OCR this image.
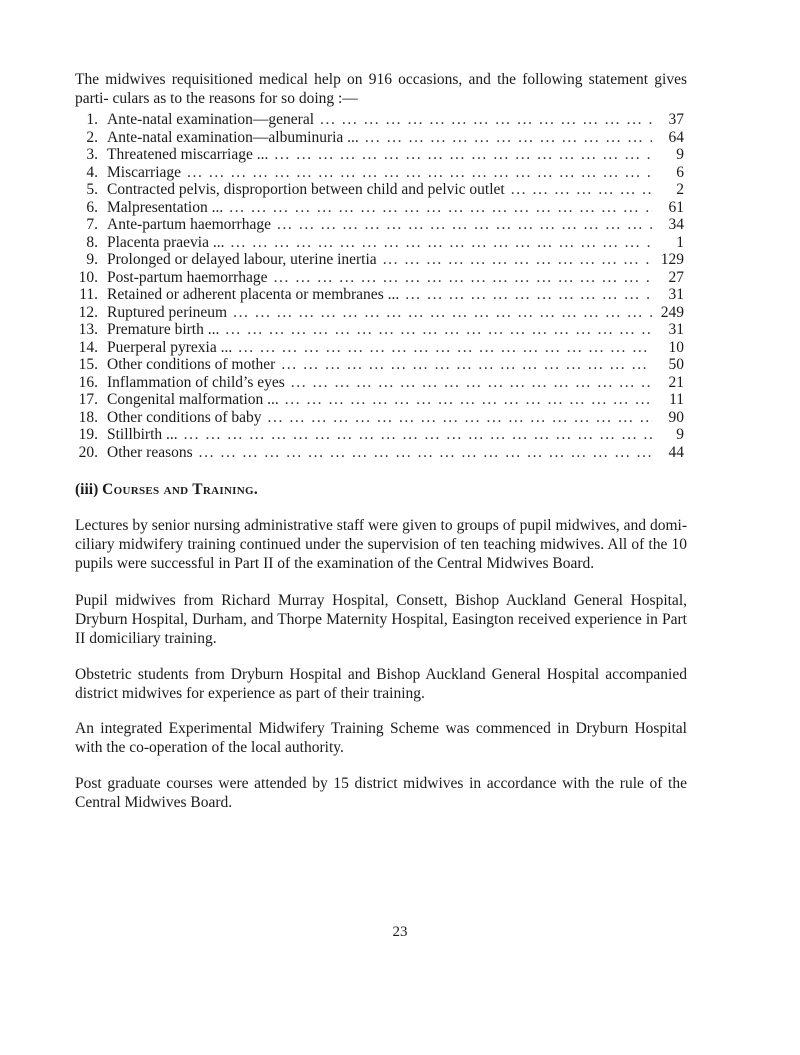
The midwives requisitioned medical help on 916 occasions, and the following statement gives parti- culars as to the reasons for so doing :—

1. Ante-natal examination—general ... .	37
2. Ante-natal examination—albuminuria ... ... .	64
3. Threatened miscarriage ... ... .	9
4. Miscarriage ... .	6
5. Contracted pelvis, disproportion between child and pelvic outlet ... .	2
6. Malpresentation ... ... .	61
7. Ante-partum haemorrhage ... .	34
8. Placenta praevia ... ... .	1
9. Prolonged or delayed labour, uterine inertia ... .	129
10. Post-partum haemorrhage ... .	27
11. Retained or adherent placenta or membranes ... ... .	31
12. Ruptured perineum ... .	249
13. Premature birth ... ... .	31
14. Puerperal pyrexia ... ... .	10
15. Other conditions of mother ... .	50
16. Inflammation of child’s eyes ... .	21
17. Congenital malformation ... ... .	11
18. Other conditions of baby ... .	90
19. Stillbirth ... ... .	9
20. Other reasons ... .	44
(iii) Courses and Training.

Lectures by senior nursing administrative staff were given to groups of pupil midwives, and domi- ciliary midwifery training continued under the supervision of ten teaching midwives. All of the 10 pupils were successful in Part II of the examination of the Central Midwives Board.

Pupil midwives from Richard Murray Hospital, Consett, Bishop Auckland General Hospital, Dryburn Hospital, Durham, and Thorpe Maternity Hospital, Easington received experience in Part II domiciliary training.

Obstetric students from Dryburn Hospital and Bishop Auckland General Hospital accompanied district midwives for experience as part of their training.

An integrated Experimental Midwifery Training Scheme was commenced in Dryburn Hospital with the co-operation of the local authority.

Post graduate courses were attended by 15 district midwives in accordance with the rule of the Central Midwives Board.

23
